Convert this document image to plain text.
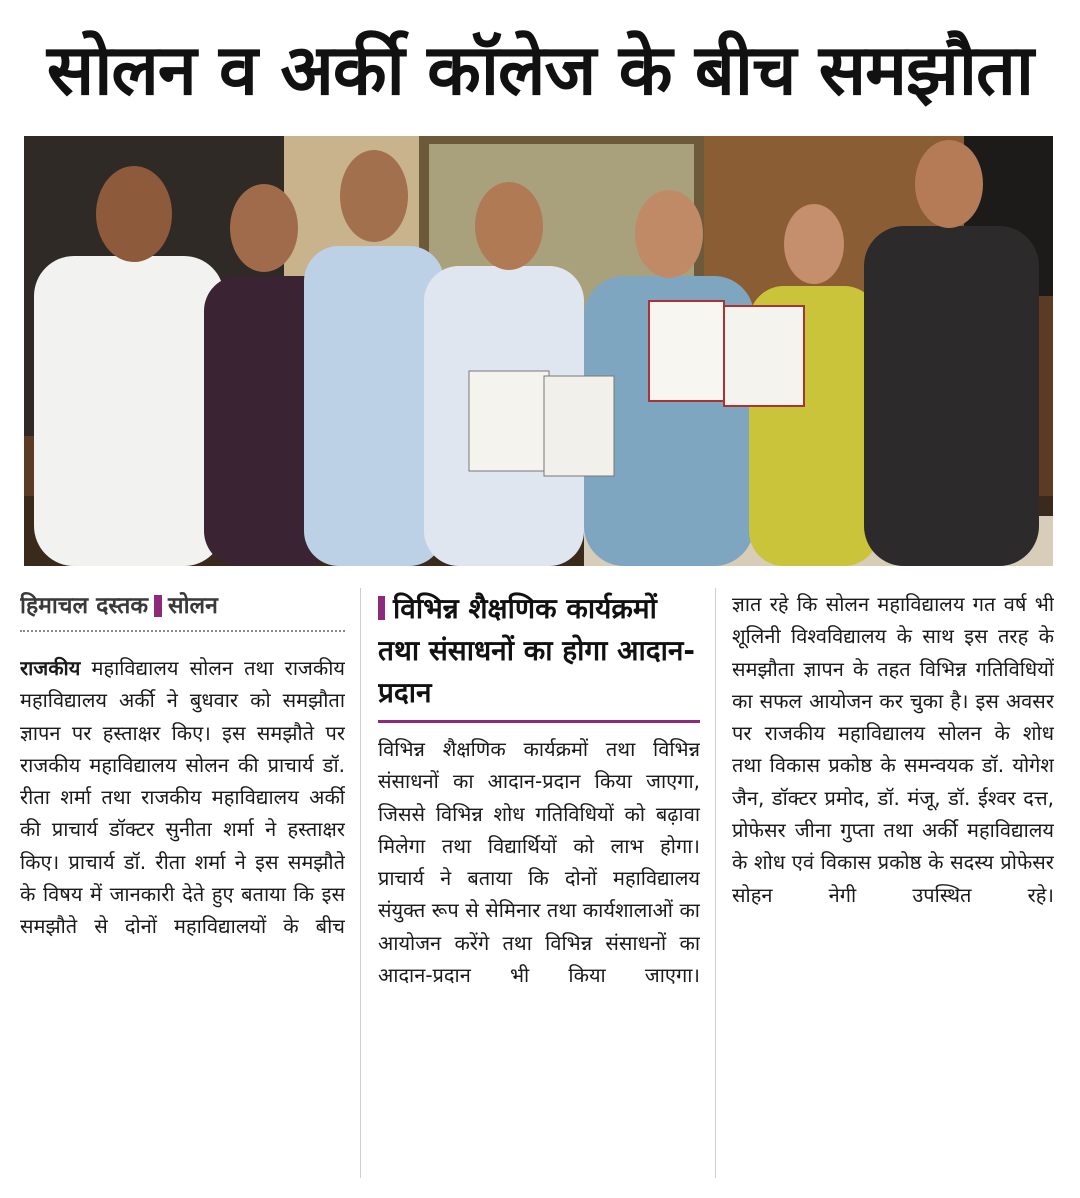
सोलन व अर्की कॉलेज के बीच समझौता
हिमाचल दस्तक सोलन

राजकीय महाविद्यालय सोलन तथा राजकीय महाविद्यालय अर्की ने बुधवार को समझौता ज्ञापन पर हस्ताक्षर किए। इस समझौते पर राजकीय महाविद्यालय सोलन की प्राचार्य डॉ. रीता शर्मा तथा राजकीय महाविद्यालय अर्की की प्राचार्य डॉक्टर सुनीता शर्मा ने हस्ताक्षर किए। प्राचार्य डॉ. रीता शर्मा ने इस समझौते के विषय में जानकारी देते हुए बताया कि इस समझौते से दोनों महाविद्यालयों के बीच

विभिन्न शैक्षणिक कार्यक्रमों तथा संसाधनों का होगा आदान-प्रदान

विभिन्न शैक्षणिक कार्यक्रमों तथा विभिन्न संसाधनों का आदान-प्रदान किया जाएगा, जिससे विभिन्न शोध गतिविधियों को बढ़ावा मिलेगा तथा विद्यार्थियों को लाभ होगा। प्राचार्य ने बताया कि दोनों महाविद्यालय संयुक्त रूप से सेमिनार तथा कार्यशालाओं का आयोजन करेंगे तथा विभिन्न संसाधनों का आदान-प्रदान भी किया जाएगा।

ज्ञात रहे कि सोलन महाविद्यालय गत वर्ष भी शूलिनी विश्वविद्यालय के साथ इस तरह के समझौता ज्ञापन के तहत विभिन्न गतिविधियों का सफल आयोजन कर चुका है। इस अवसर पर राजकीय महाविद्यालय सोलन के शोध तथा विकास प्रकोष्ठ के समन्वयक डॉ. योगेश जैन, डॉक्टर प्रमोद, डॉ. मंजू, डॉ. ईश्वर दत्त, प्रोफेसर जीना गुप्ता तथा अर्की महाविद्यालय के शोध एवं विकास प्रकोष्ठ के सदस्य प्रोफेसर सोहन नेगी उपस्थित रहे।
